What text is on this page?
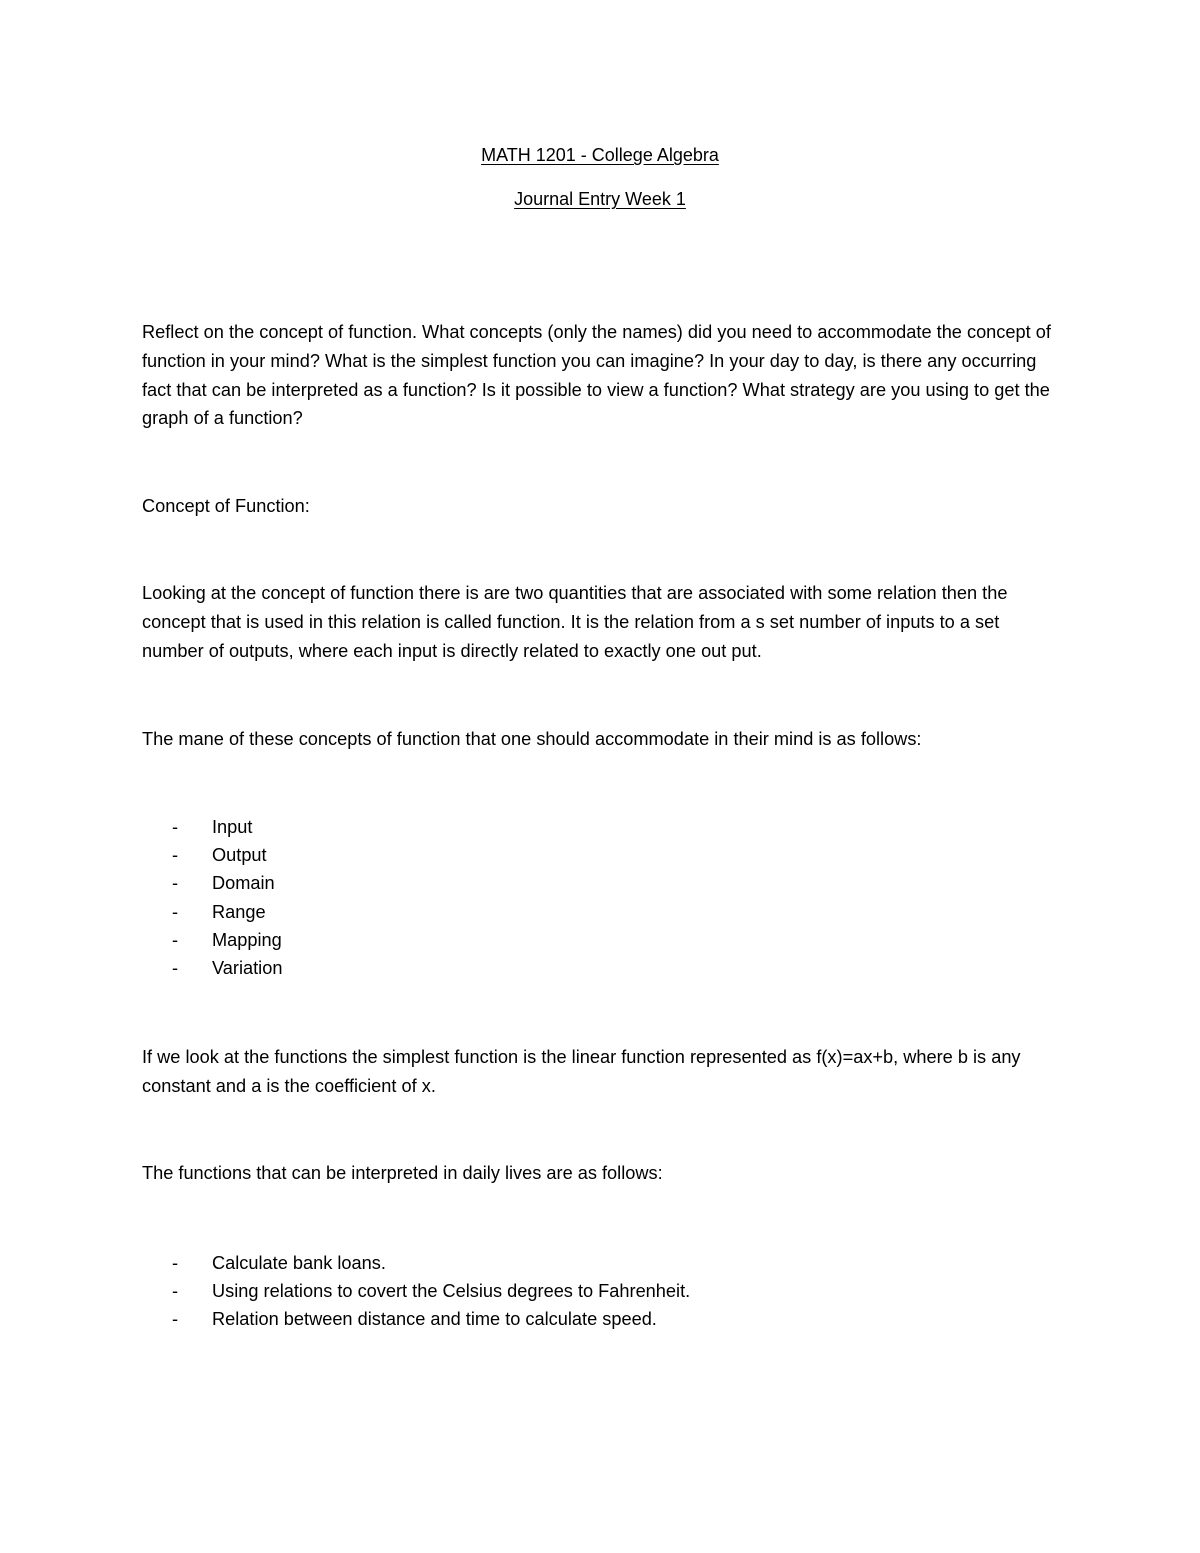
MATH 1201 - College Algebra
Journal Entry Week 1

Reflect on the concept of function. What concepts (only the names) did you need to accommodate the concept of function in your mind? What is the simplest function you can imagine? In your day to day, is there any occurring fact that can be interpreted as a function? Is it possible to view a function? What strategy are you using to get the graph of a function?

Concept of Function:

Looking at the concept of function there is are two quantities that are associated with some relation then the concept that is used in this relation is called function. It is the relation from a s set number of inputs to a set number of outputs, where each input is directly related to exactly one out put.

The mane of these concepts of function that one should accommodate in their mind is as follows:

- Input
- Output
- Domain
- Range
- Mapping
- Variation

If we look at the functions the simplest function is the linear function represented as f(x)=ax+b, where b is any constant and a is the coefficient of x.

The functions that can be interpreted in daily lives are as follows:

- Calculate bank loans.
- Using relations to covert the Celsius degrees to Fahrenheit.
- Relation between distance and time to calculate speed.
